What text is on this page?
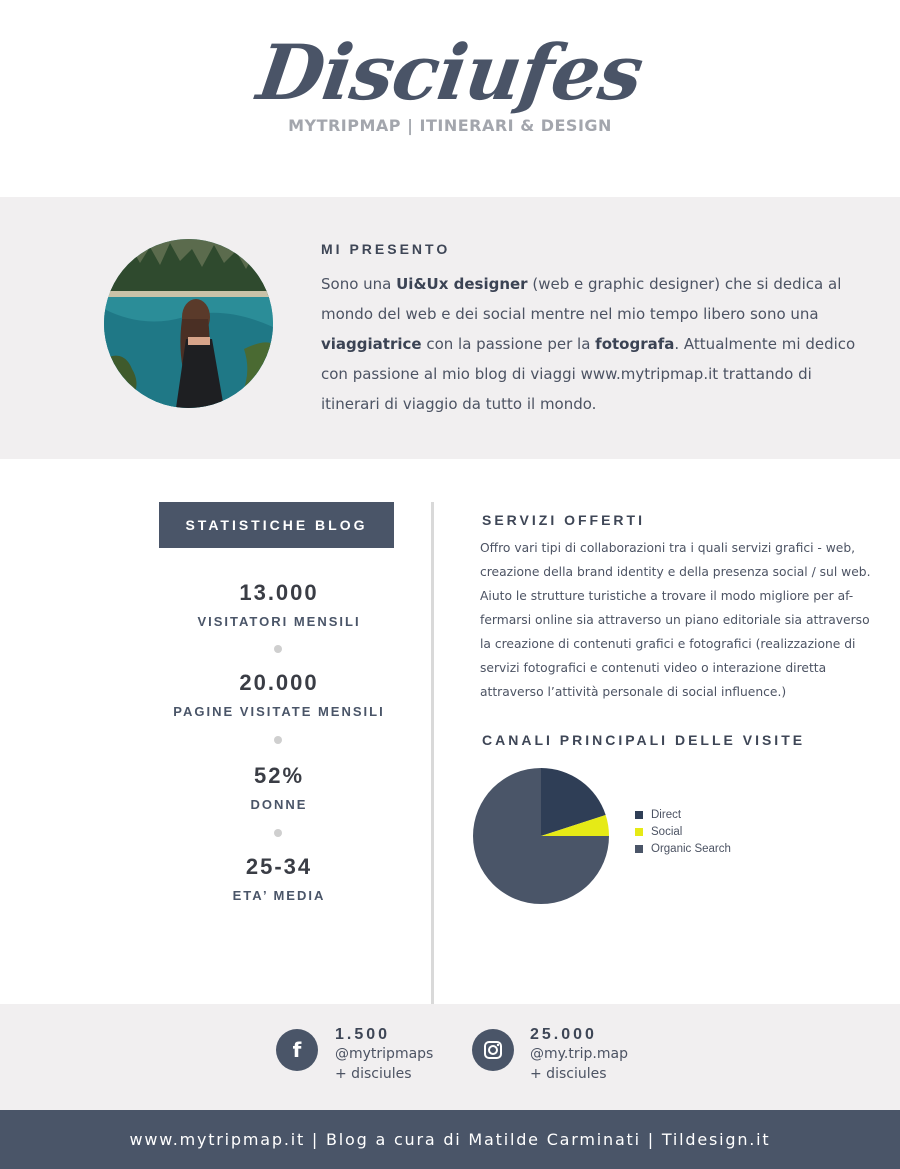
Disciufes
MYTRIPMAP | ITINERARI & DESIGN
MI PRESENTO

Sono una Ui&Ux designer (web e graphic designer) che si dedica al mondo del web e dei social mentre nel mio tempo libero sono una viaggiatrice con la passione per la fotografa. Attualmente mi dedico con passione al mio blog di viaggi www.mytripmap.it trattando di itinerari di viaggio da tutto il mondo.

STATISTICHE BLOG
13.000
VISITATORI MENSILI
20.000
PAGINE VISITATE MENSILI
52%
DONNE
25-34
ETA’ MEDIA
SERVIZI OFFERTI
Offro vari tipi di collaborazioni tra i quali servizi grafici - web,
creazione della brand identity e della presenza social / sul web.
Aiuto le strutture turistiche a trovare il modo migliore per af-
fermarsi online sia attraverso un piano editoriale sia attraverso
la creazione di contenuti grafici e fotografici (realizzazione di
servizi fotografici e contenuti video o interazione diretta
attraverso l’attività personale di social influence.)
CANALI PRINCIPALI DELLE VISITE
Direct
Social
Organic Search
f
1.500
@mytripmaps
+ disciules
25.000
@my.trip.map
+ disciules
www.mytripmap.it | Blog a cura di Matilde Carminati | Tildesign.it
